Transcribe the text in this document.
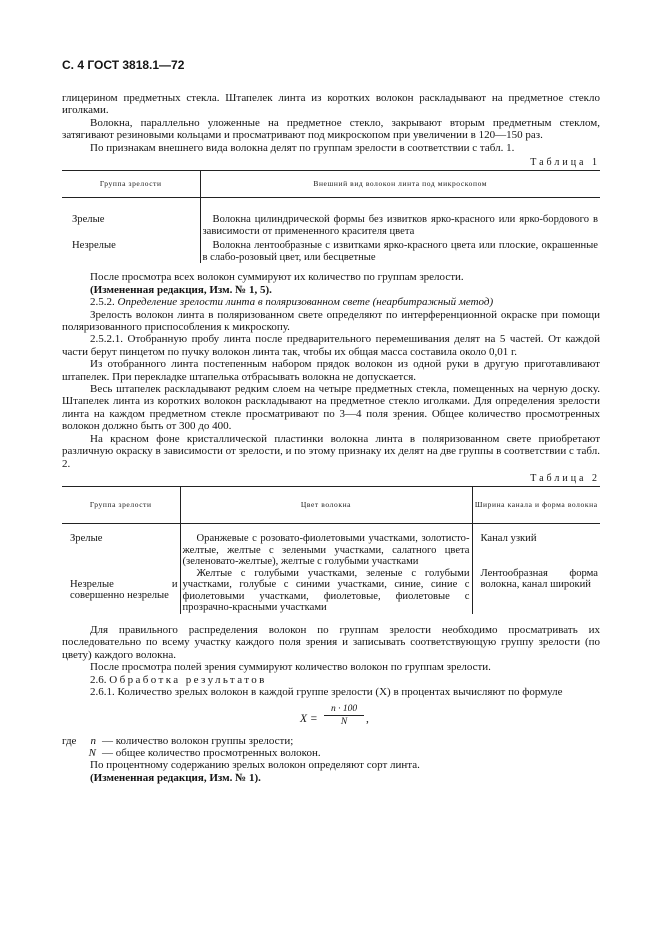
С. 4 ГОСТ 3818.1—72

глицерином предметных стекла. Штапелек линта из коротких волокон раскладывают на предметное стекло иголками.

Волокна, параллельно уложенные на предметное стекло, закрывают вторым предметным стеклом, затягивают резиновыми кольцами и просматривают под микроскопом при увеличении в 120—150 раз.

По признакам внешнего вида волокна делят по группам зрелости в соответствии с табл. 1.

Таблица 1
Группа зрелости	Внешний вид волокон линта под микроскопом
Зрелые	Волокна цилиндрической формы без извитков ярко-красного или ярко-бордового в зависимости от примененного красителя цвета
Незрелые	Волокна лентообразные с извитками ярко-красного цвета или плоские, окрашенные в слабо-розовый цвет, или бесцветные

После просмотра всех волокон суммируют их количество по группам зрелости.

(Измененная редакция, Изм. № 1, 5).

2.5.2. Определение зрелости линта в поляризованном свете (неарбитражный метод)

Зрелость волокон линта в поляризованном свете определяют по интерференционной окраске при помощи поляризованного приспособления к микроскопу.

2.5.2.1. Отобранную пробу линта после предварительного перемешивания делят на 5 частей. От каждой части берут пинцетом по пучку волокон линта так, чтобы их общая масса составила около 0,01 г.

Из отобранного линта постепенным набором прядок волокон из одной руки в другую приготавливают штапелек. При перекладке штапелька отбрасывать волокна не допускается.

Весь штапелек раскладывают редким слоем на четыре предметных стекла, помещенных на черную доску. Штапелек линта из коротких волокон раскладывают на предметное стекло иголками. Для определения зрелости линта на каждом предметном стекле просматривают по 3—4 поля зрения. Общее количество просмотренных волокон должно быть от 300 до 400.

На красном фоне кристаллической пластинки волокна линта в поляризованном свете приобретают различную окраску в зависимости от зрелости, и по этому признаку их делят на две группы в соответствии с табл. 2.

Таблица 2
Группа зрелости	Цвет волокна	Ширина канала и форма волокна
Зрелые	Оранжевые с розовато-фиолетовыми участками, золотисто-желтые, желтые с зелеными участками, салатного цвета (зеленовато-желтые), желтые с голубыми участками	Канал узкий
Незрелые и совершенно незрелые	Желтые с голубыми участками, зеленые с голубыми участками, голубые с синими участками, синие, синие с фиолетовыми участками, фиолетовые, фиолетовые с прозрачно-красными участками	Лентообразная форма волокна, канал широкий

Для правильного распределения волокон по группам зрелости необходимо просматривать их последовательно по всему участку каждого поля зрения и записывать соответствующую группу зрелости (по цвету) каждого волокна.

После просмотра полей зрения суммируют количество волокон по группам зрелости.

2.6. Обработка результатов

2.6.1. Количество зрелых волокон в каждой группе зрелости (X) в процентах вычисляют по формуле

$X = \frac{n \cdot 100}{N}$ ,
где	n — количество волокон группы зрелости;
N — общее количество просмотренных волокон.

По процентному содержанию зрелых волокон определяют сорт линта.

(Измененная редакция, Изм. № 1).
